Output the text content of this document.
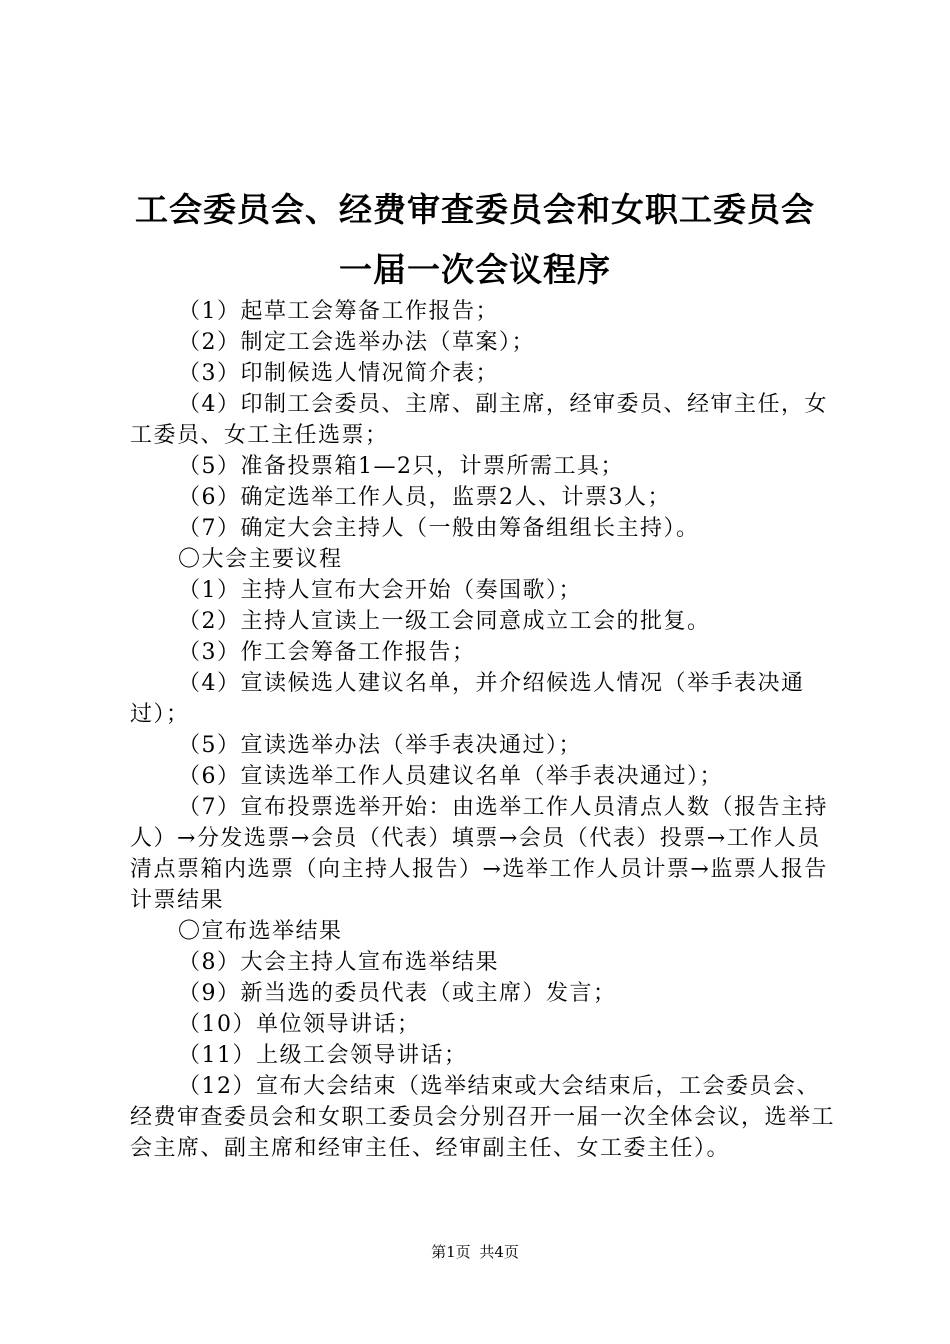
工会委员会、经费审查委员会和女职工委员会
一届一次会议程序

（1）起草工会筹备工作报告；

（2）制定工会选举办法（草案）；

（3）印制候选人情况简介表；

（4）印制工会委员、主席、副主席，经审委员、经审主任，女工委员、女工主任选票；

（5）准备投票箱1—2只，计票所需工具；

（6）确定选举工作人员，监票2人、计票3人；

（7）确定大会主持人（一般由筹备组组长主持）。

〇大会主要议程

（1）主持人宣布大会开始（奏国歌）；

（2）主持人宣读上一级工会同意成立工会的批复。

（3）作工会筹备工作报告；

（4）宣读候选人建议名单，并介绍候选人情况（举手表决通过）；

（5）宣读选举办法（举手表决通过）；

（6）宣读选举工作人员建议名单（举手表决通过）；

（7）宣布投票选举开始：由选举工作人员清点人数（报告主持人）→分发选票→会员（代表）填票→会员（代表）投票→工作人员清点票箱内选票（向主持人报告）→选举工作人员计票→监票人报告计票结果

〇宣布选举结果

（8）大会主持人宣布选举结果

（9）新当选的委员代表（或主席）发言；

（10）单位领导讲话；

（11）上级工会领导讲话；

（12）宣布大会结束（选举结束或大会结束后，工会委员会、经费审查委员会和女职工委员会分别召开一届一次全体会议，选举工会主席、副主席和经审主任、经审副主任、女工委主任）。

第1页 共4页
